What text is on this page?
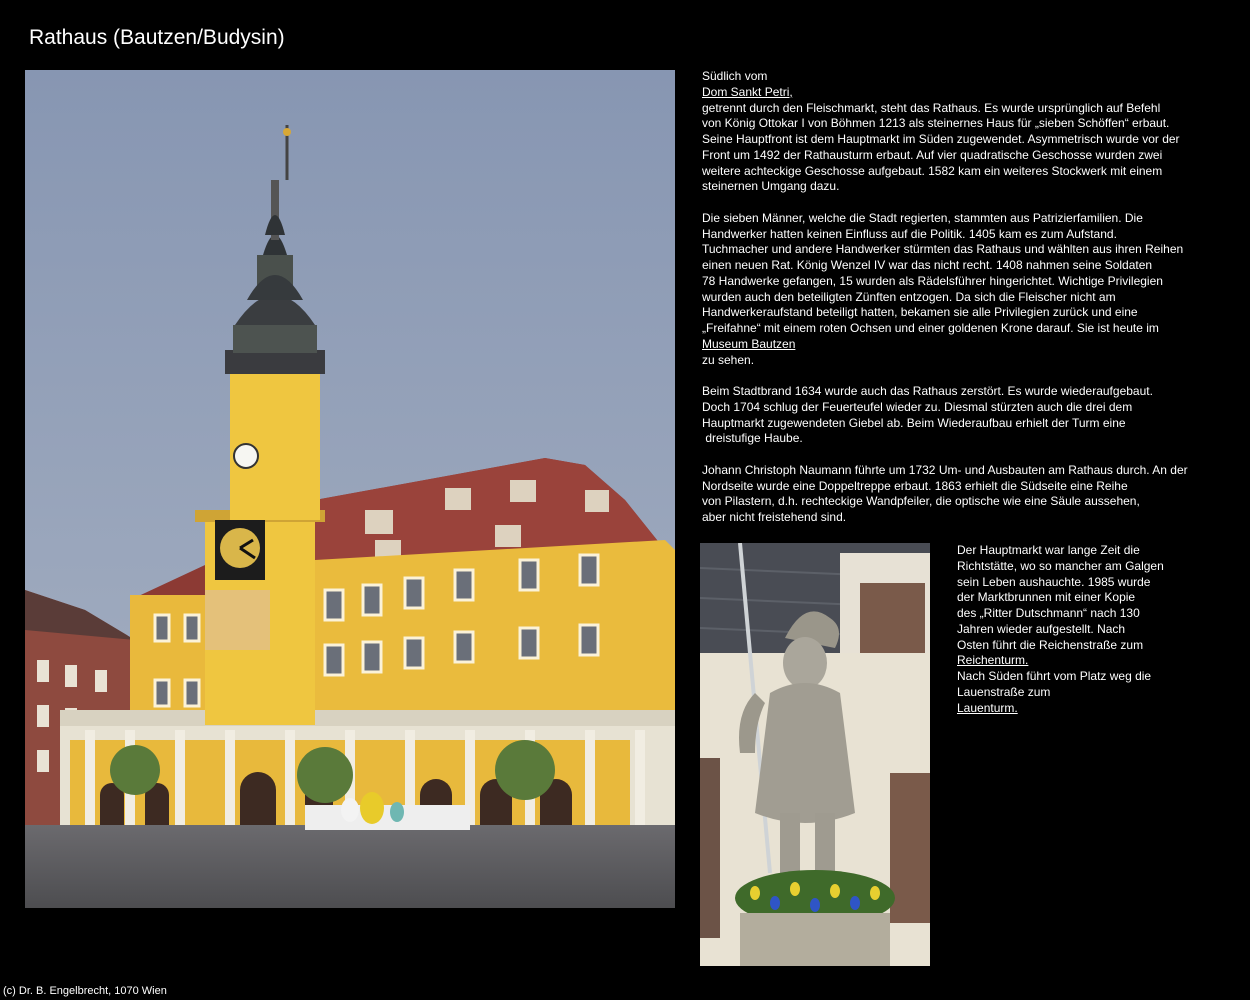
Rathaus (Bautzen/Budysin)

Südlich vom
Dom Sankt Petri,
getrennt durch den Fleischmarkt, steht das Rathaus. Es wurde ursprünglich auf Befehl
von König Ottokar I von Böhmen 1213 als steinernes Haus für „sieben Schöffen“ erbaut.
Seine Hauptfront ist dem Hauptmarkt im Süden zugewendet. Asymmetrisch wurde vor der
Front um 1492 der Rathausturm erbaut. Auf vier quadratische Geschosse wurden zwei
weitere achteckige Geschosse aufgebaut. 1582 kam ein weiteres Stockwerk mit einem
steinernen Umgang dazu.

Die sieben Männer, welche die Stadt regierten, stammten aus Patrizierfamilien. Die
Handwerker hatten keinen Einfluss auf die Politik. 1405 kam es zum Aufstand.
Tuchmacher und andere Handwerker stürmten das Rathaus und wählten aus ihren Reihen
einen neuen Rat. König Wenzel IV war das nicht recht. 1408 nahmen seine Soldaten
78 Handwerke gefangen, 15 wurden als Rädelsführer hingerichtet. Wichtige Privilegien
wurden auch den beteiligten Zünften entzogen. Da sich die Fleischer nicht am
Handwerkeraufstand beteiligt hatten, bekamen sie alle Privilegien zurück und eine
„Freifahne“ mit einem roten Ochsen und einer goldenen Krone darauf. Sie ist heute im
Museum Bautzen
zu sehen.

Beim Stadtbrand 1634 wurde auch das Rathaus zerstört. Es wurde wiederaufgebaut.
Doch 1704 schlug der Feuerteufel wieder zu. Diesmal stürzten auch die drei dem
Hauptmarkt zugewendeten Giebel ab. Beim Wiederaufbau erhielt der Turm eine
dreistufige Haube.

Johann Christoph Naumann führte um 1732 Um- und Ausbauten am Rathaus durch. An der
Nordseite wurde eine Doppeltreppe erbaut. 1863 erhielt die Südseite eine Reihe
von Pilastern, d.h. rechteckige Wandpfeiler, die optische wie eine Säule aussehen,
aber nicht freistehend sind.

Der Hauptmarkt war lange Zeit die
Richtstätte, wo so mancher am Galgen
sein Leben aushauchte. 1985 wurde
der Marktbrunnen mit einer Kopie
des „Ritter Dutschmann“ nach 130
Jahren wieder aufgestellt. Nach
Osten führt die Reichenstraße zum
Reichenturm.
Nach Süden führt vom Platz weg die
Lauenstraße zum
Lauenturm.
(c) Dr. B. Engelbrecht, 1070 Wien
